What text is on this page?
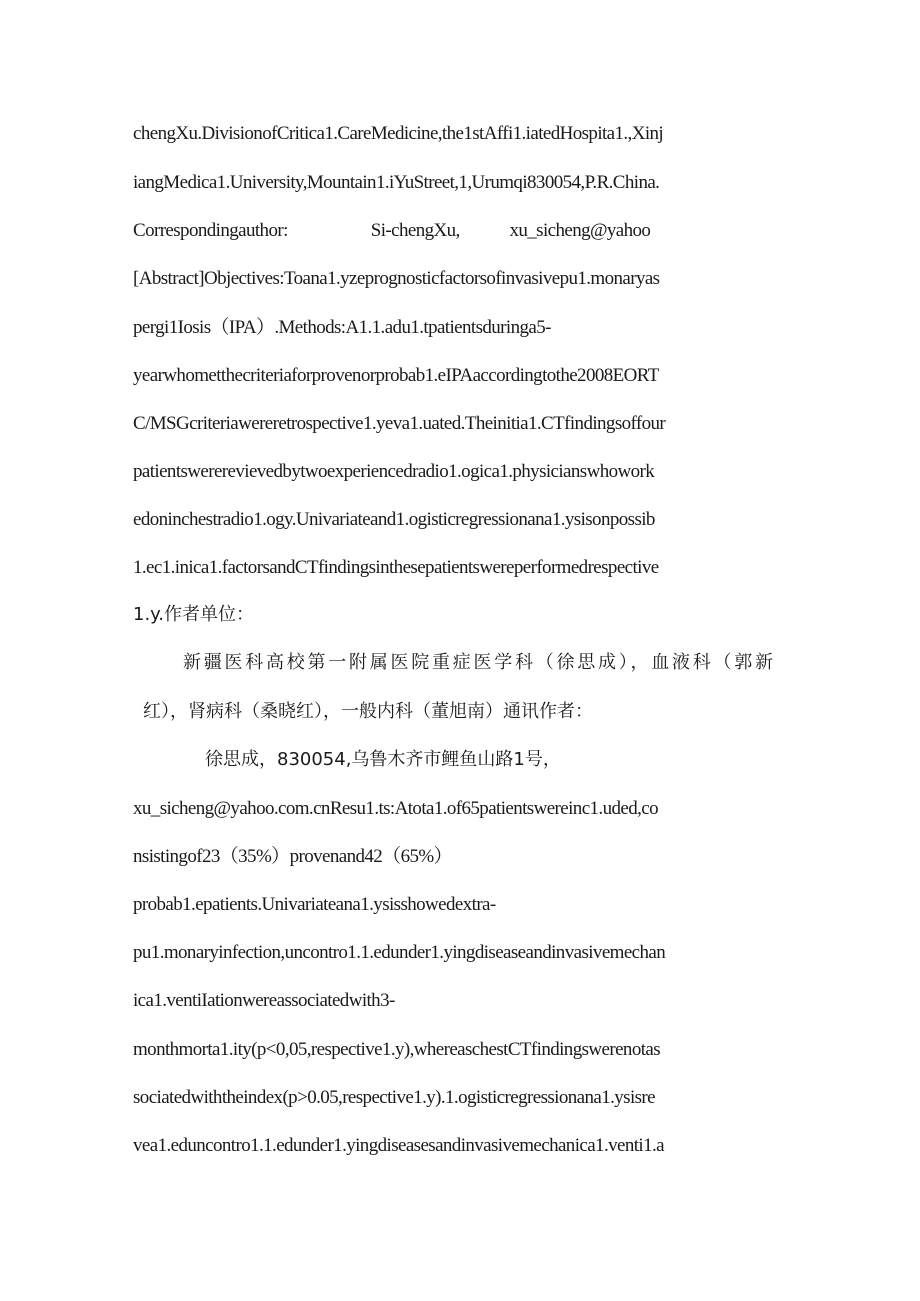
chengXu.DivisionofCritica1.CareMedicine,the1stAffi1.iatedHospita1.,Xinj
iangMedica1.University,Mountain1.iYuStreet,1,Urumqi830054,P.R.China.
Correspondingauthor:                    Si-chengXu,            xu_sicheng@yahoo
[Abstract]Objectives:Toana1.yzeprognosticfactorsofinvasivepu1.monaryas
pergi1Iosis（IPA）.Methods:A1.1.adu1.tpatientsduringa5-
yearwhometthecriteriaforprovenorprobab1.eIPAaccordingtothe2008EORT
C/MSGcriteriawereretrospective1.yeva1.uated.Theinitia1.CTfindingsoffour
patientswererevievedbytwoexperiencedradio1.ogica1.physicianswhowork
edoninchestradio1.ogy.Univariateand1.ogisticregressionana1.ysisonpossib
1.ec1.inica1.factorsandCTfindingsinthesepatientswereperformedrespective
1.y.作者单位：
新疆医科高校第一附属医院重症医学科（徐思成），血液科（郭新
红），肾病科（桑晓红），一般内科（董旭南）通讯作者：
徐思成，830054,乌鲁木齐市鲤鱼山路1号，
xu_sicheng@yahoo.com.cnResu1.ts:Atota1.of65patientswereinc1.uded,co
nsistingof23（35%）provenand42（65%）
probab1.epatients.Univariateana1.ysisshowedextra-
pu1.monaryinfection,uncontro1.1.edunder1.yingdiseaseandinvasivemechan
ica1.ventiIationwereassociatedwith3-
monthmorta1.ity(p<0,05,respective1.y),whereaschestCTfindingswerenotas
sociatedwiththeindex(p>0.05,respective1.y).1.ogisticregressionana1.ysisre
vea1.eduncontro1.1.edunder1.yingdiseasesandinvasivemechanica1.venti1.a
